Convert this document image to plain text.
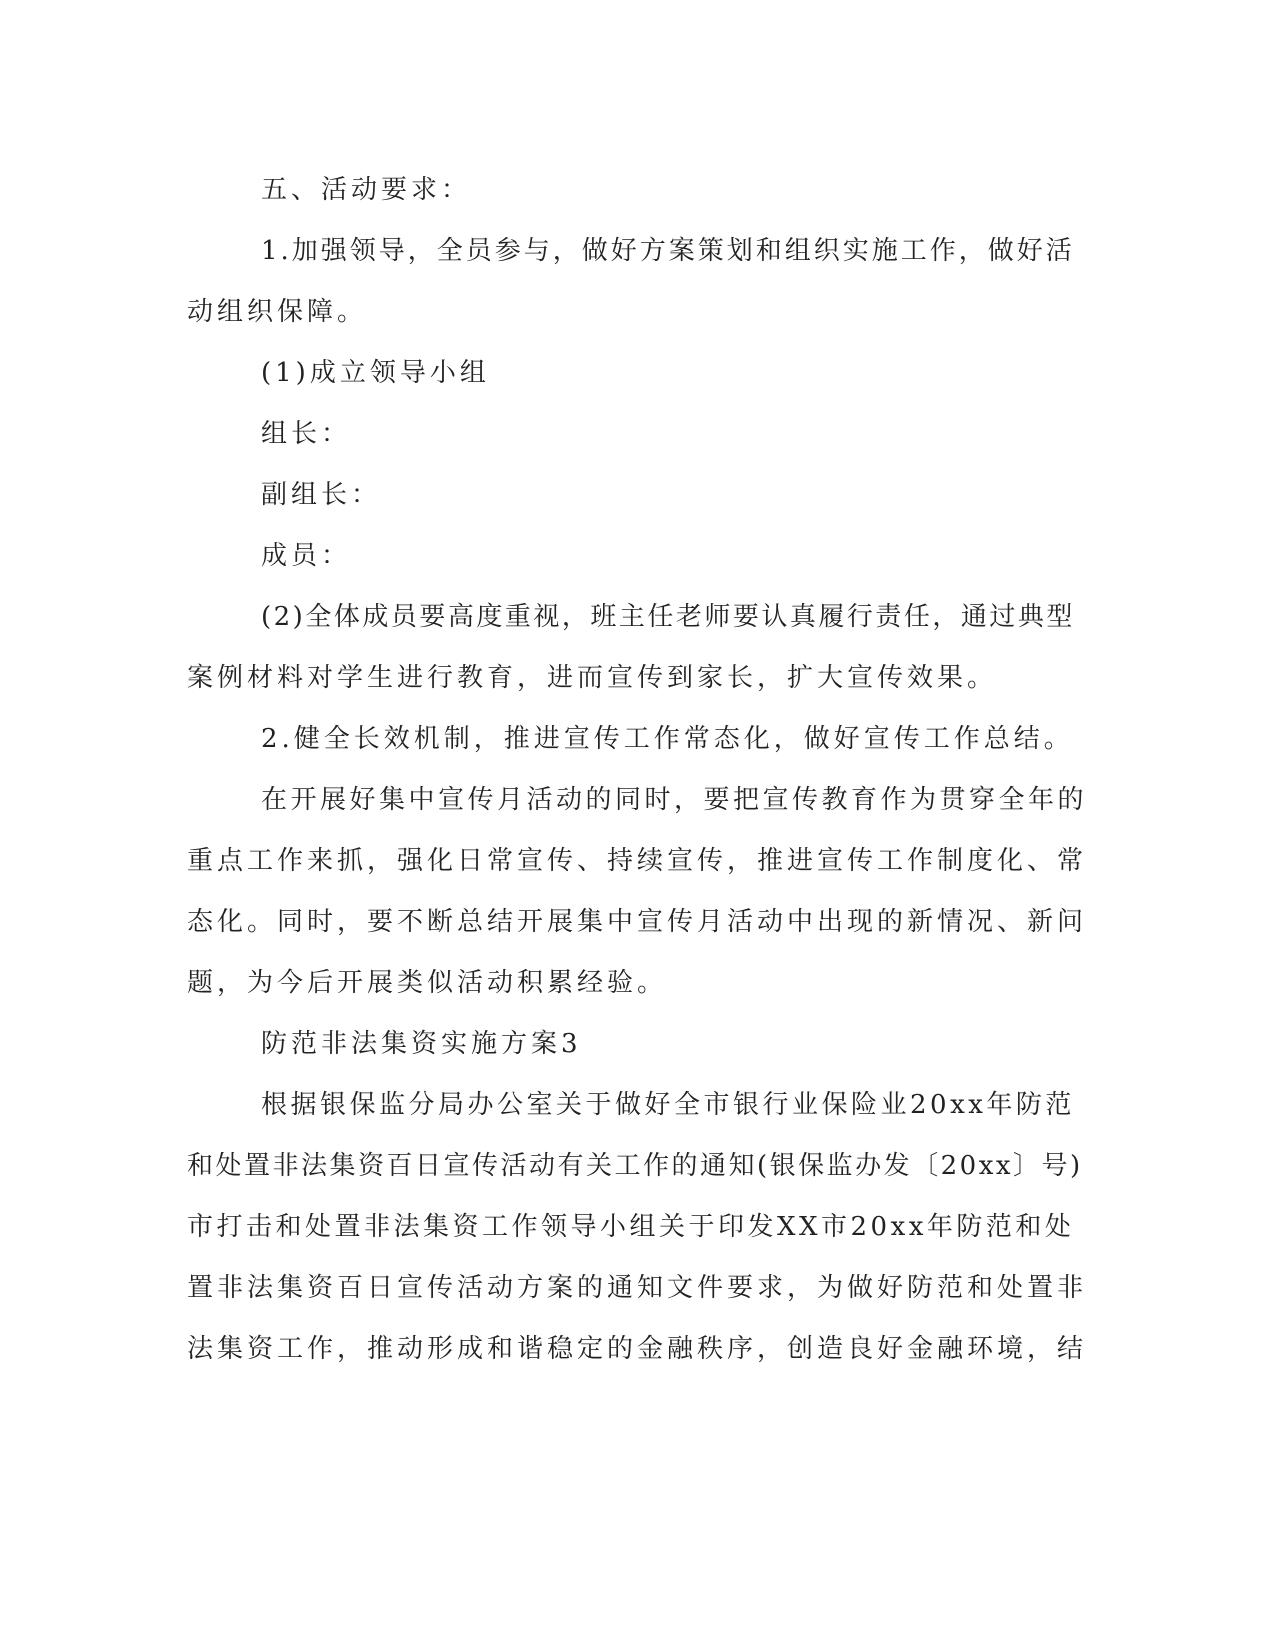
五、活动要求：
1.加强领导，全员参与，做好方案策划和组织实施工作，做好活
动组织保障。
(1)成立领导小组
组长：
副组长：
成员：
(2)全体成员要高度重视，班主任老师要认真履行责任，通过典型
案例材料对学生进行教育，进而宣传到家长，扩大宣传效果。
2.健全长效机制，推进宣传工作常态化，做好宣传工作总结。
在开展好集中宣传月活动的同时，要把宣传教育作为贯穿全年的
重点工作来抓，强化日常宣传、持续宣传，推进宣传工作制度化、常
态化。同时，要不断总结开展集中宣传月活动中出现的新情况、新问
题，为今后开展类似活动积累经验。
防范非法集资实施方案3
根据银保监分局办公室关于做好全市银行业保险业20xx年防范
和处置非法集资百日宣传活动有关工作的通知(银保监办发〔20xx〕号)
市打击和处置非法集资工作领导小组关于印发XX市20xx年防范和处
置非法集资百日宣传活动方案的通知文件要求，为做好防范和处置非
法集资工作，推动形成和谐稳定的金融秩序，创造良好金融环境，结
